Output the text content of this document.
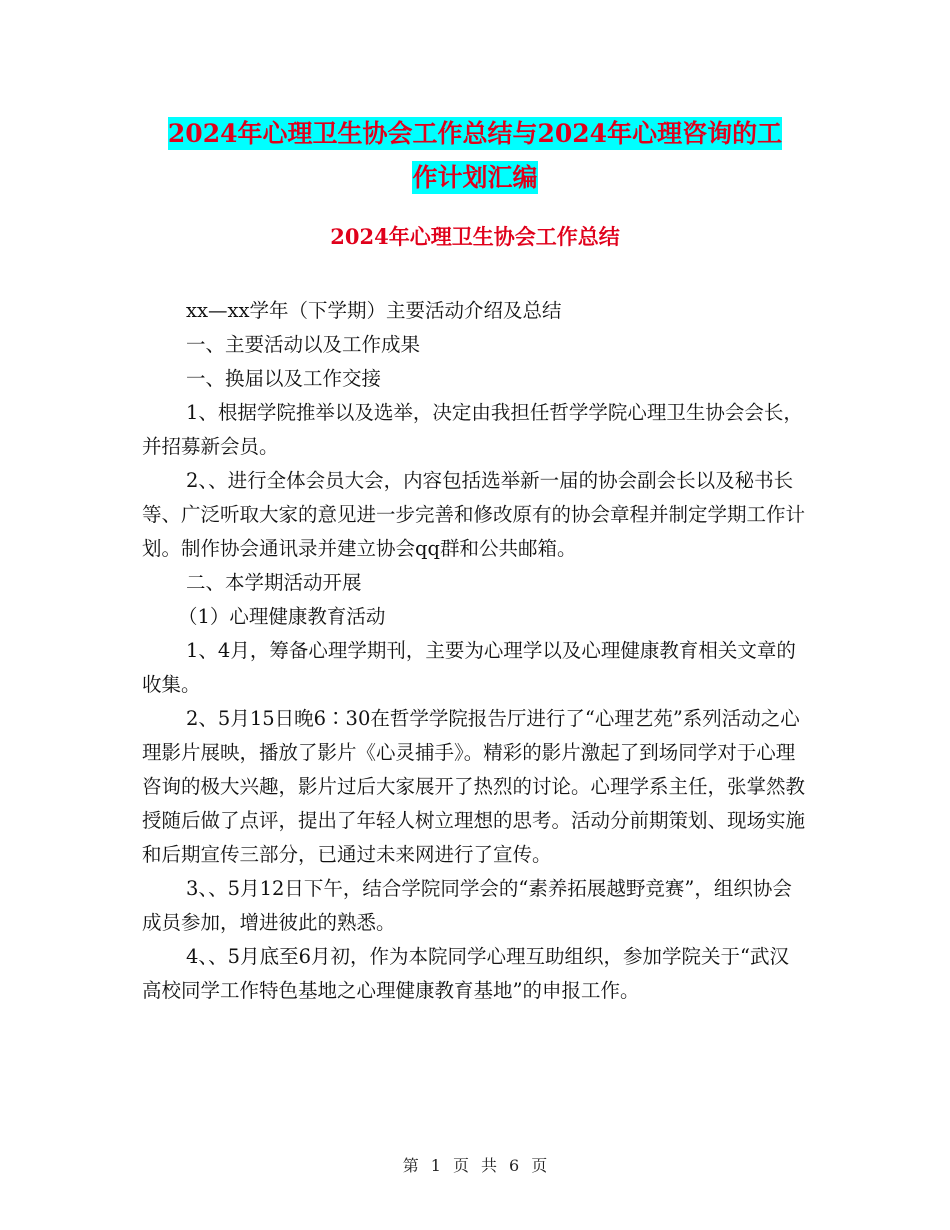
2024年心理卫生协会工作总结与2024年心理咨询的工
作计划汇编
2024年心理卫生协会工作总结

xx—xx学年（下学期）主要活动介绍及总结

一、主要活动以及工作成果

一、换届以及工作交接

1、根据学院推举以及选举，决定由我担任哲学学院心理卫生协会会长，并招募新会员。

2、、进行全体会员大会，内容包括选举新一届的协会副会长以及秘书长等、广泛听取大家的意见进一步完善和修改原有的协会章程并制定学期工作计划。制作协会通讯录并建立协会qq群和公共邮箱。

二、本学期活动开展

（1）心理健康教育活动

1、4月，筹备心理学期刊，主要为心理学以及心理健康教育相关文章的收集。

2、5月15日晚6∶30在哲学学院报告厅进行了“心理艺苑”系列活动之心理影片展映，播放了影片《心灵捕手》。精彩的影片激起了到场同学对于心理咨询的极大兴趣，影片过后大家展开了热烈的讨论。心理学系主任，张掌然教授随后做了点评，提出了年轻人树立理想的思考。活动分前期策划、现场实施和后期宣传三部分，已通过未来网进行了宣传。

3、、5月12日下午，结合学院同学会的“素养拓展越野竞赛”，组织协会成员参加，增进彼此的熟悉。

4、、5月底至6月初，作为本院同学心理互助组织，参加学院关于“武汉高校同学工作特色基地之心理健康教育基地”的申报工作。

第 1 页 共 6 页
